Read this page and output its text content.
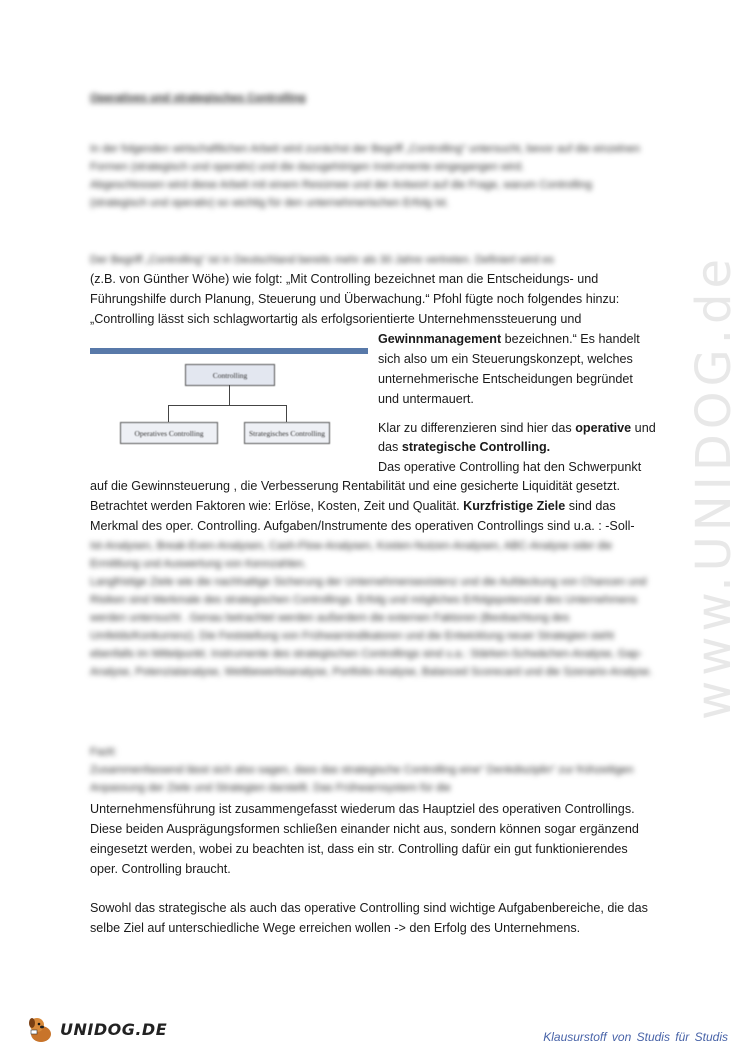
Operatives und strategisches Controlling

In der folgenden wirtschaftlichen Arbeit wird zunächst der Begriff „Controlling“ untersucht, bevor auf die einzelnen Formen (strategisch und operativ) und die dazugehörigen Instrumente eingegangen wird.
Abgeschlossen wird diese Arbeit mit einem Resümee und der Antwort auf die Frage, warum Controlling (strategisch und operativ) so wichtig für den unternehmerischen Erfolg ist.

Der Begriff „Controlling“ ist in Deutschland bereits mehr als 30 Jahre vertreten. Definiert wird es

(z.B. von Günther Wöhe) wie folgt: „Mit Controlling bezeichnet man die Entscheidungs- und

Führungshilfe durch Planung, Steuerung und Überwachung.“ Pfohl fügte noch folgendes hinzu:

„Controlling lässt sich schlagwortartig als erfolgsorientierte Unternehmenssteuerung und

Gewinnmanagement bezeichnen.“ Es handelt

sich also um ein Steuerungskonzept, welches

unternehmerische Entscheidungen begründet

und untermauert.

Klar zu differenzieren sind hier das operative und

das strategische Controlling.

Das operative Controlling hat den Schwerpunkt

Controlling
Operatives Controlling	Strategisches Controlling

auf die Gewinnsteuerung , die Verbesserung Rentabilität und eine gesicherte Liquidität gesetzt.

Betrachtet werden Faktoren wie: Erlöse, Kosten, Zeit und Qualität. Kurzfristige Ziele sind das

Merkmal des oper. Controlling. Aufgaben/Instrumente des operativen Controllings sind u.a. : -Soll-

Ist-Analysen, Break-Even-Analysen, Cash-Flow-Analysen, Kosten-Nutzen-Analysen, ABC-Analyse oder die Ermittlung und Auswertung von Kennzahlen.

Langfristige Ziele wie die nachhaltige Sicherung der Unternehmensexistenz und die Aufdeckung von Chancen und Risiken sind Merkmale des strategischen Controllings. Erfolg und mögliches Erfolgspotenzial des Unternehmens werden untersucht . Genau betrachtet werden außerdem die externen Faktoren (Beobachtung des Umfelds/Konkurrenz). Die Feststellung von Frühwarnindikatoren und die Entwicklung neuer Strategien sieht ebenfalls im Mittelpunkt. Instrumente des strategischen Controllings sind u.a.: Stärken-Schwächen-Analyse, Gap-Analyse, Potenzialanalyse, Wettbewerbsanalyse, Portfolio-Analyse, Balanced Scorecard und die Szenario-Analyse.

Fazit:
Zusammenfassend lässt sich also sagen, dass das strategische Controlling eine“ Denkdisziplin“ zur frühzeitigen Anpassung der Ziele und Strategien darstellt. Das Frühwarnsystem für die

Unternehmensführung ist zusammengefasst wiederum das Hauptziel des operativen Controllings.

Diese beiden Ausprägungsformen schließen einander nicht aus, sondern können sogar ergänzend

eingesetzt werden, wobei zu beachten ist, dass ein str. Controlling dafür ein gut funktionierendes

oper. Controlling braucht.

Sowohl das strategische als auch das operative Controlling sind wichtige Aufgabenbereiche, die das

selbe Ziel auf unterschiedliche Wege erreichen wollen -> den Erfolg des Unternehmens.

www.UNIDOG.de
UNIDOG.DE	Klausurstoff von Studis für Studis
